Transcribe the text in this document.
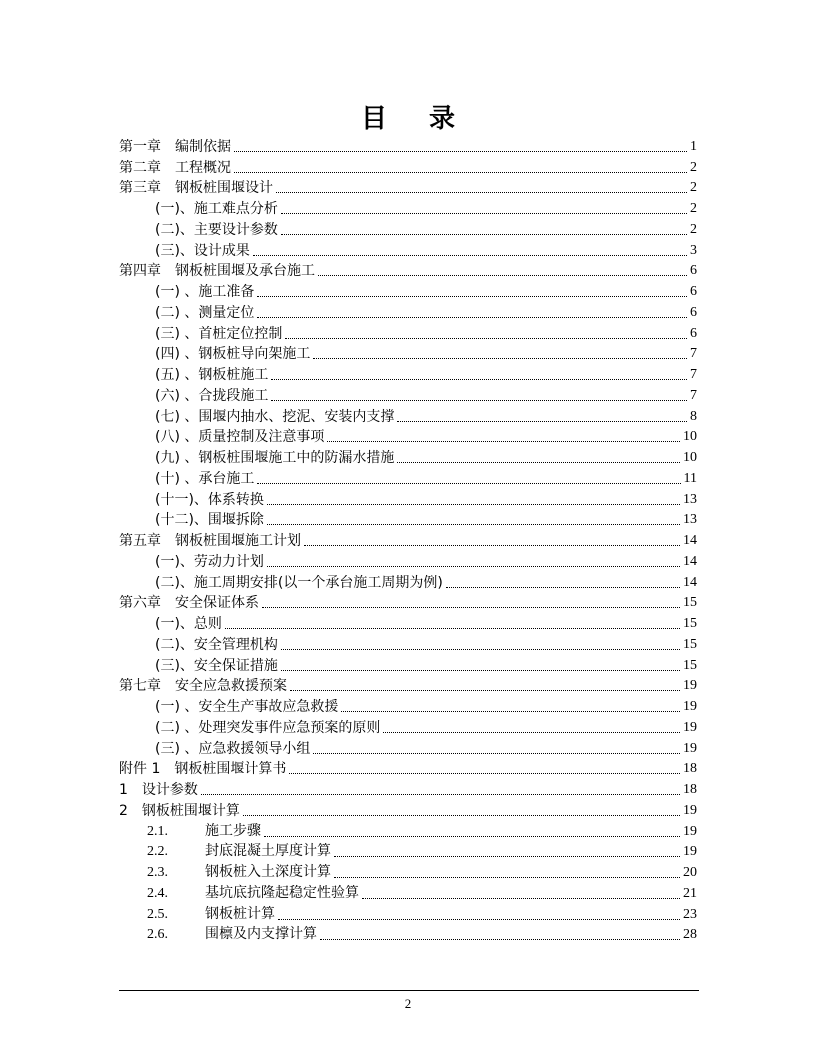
目 录
第一章 编制依据	1
第二章 工程概况	2
第三章 钢板桩围堰设计	2
(一)、施工难点分析	2
(二)、主要设计参数	2
(三)、设计成果	3
第四章 钢板桩围堰及承台施工	6
(一) 、施工准备	6
(二) 、测量定位	6
(三) 、首桩定位控制	6
(四) 、钢板桩导向架施工	7
(五) 、钢板桩施工	7
(六) 、合拢段施工	7
(七) 、围堰内抽水、挖泥、安装内支撑	8
(八) 、质量控制及注意事项	10
(九) 、钢板桩围堰施工中的防漏水措施	10
(十) 、承台施工	11
(十一)、体系转换	13
(十二)、围堰拆除	13
第五章 钢板桩围堰施工计划	14
(一)、劳动力计划	14
(二)、施工周期安排(以一个承台施工周期为例)	14
第六章 安全保证体系	15
(一)、总则	15
(二)、安全管理机构	15
(三)、安全保证措施	15
第七章 安全应急救援预案	19
(一) 、安全生产事故应急救援	19
(二) 、处理突发事件应急预案的原则	19
(三) 、应急救援领导小组	19
附件 1 钢板桩围堰计算书	18
1 设计参数	18
2 钢板桩围堰计算	19
2.1.	施工步骤	19
2.2.	封底混凝土厚度计算	19
2.3.	钢板桩入土深度计算	20
2.4.	基坑底抗隆起稳定性验算	21
2.5.	钢板桩计算	23
2.6.	围檩及内支撑计算	28
2
